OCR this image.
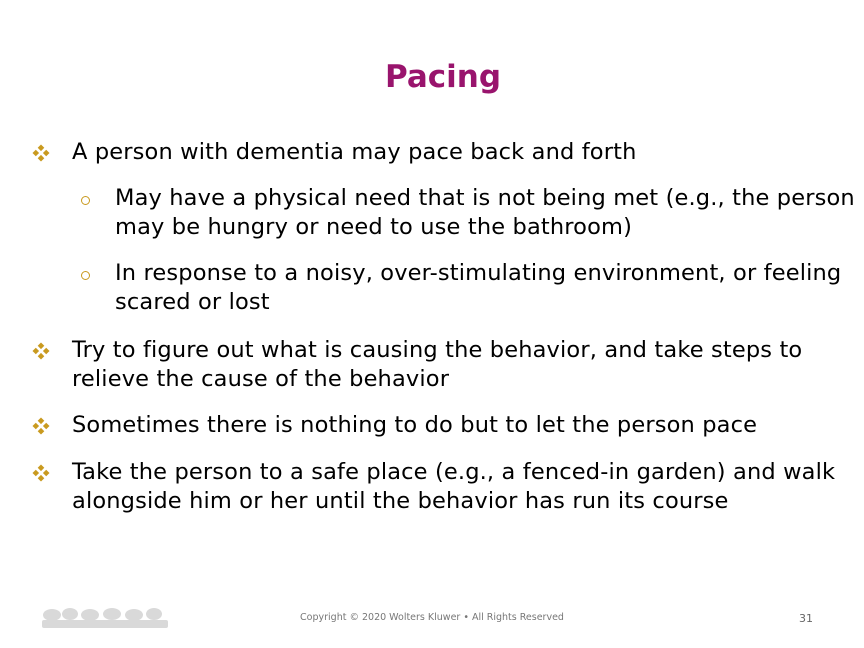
Pacing
A person with dementia may pace back and forth
May have a physical need that is not being met (e.g., the person may be hungry or need to use the bathroom)
In response to a noisy, over-stimulating environment, or feeling scared or lost
Try to figure out what is causing the behavior, and take steps to relieve the cause of the behavior
Sometimes there is nothing to do but to let the person pace
Take the person to a safe place (e.g., a fenced-in garden) and walk alongside him or her until the behavior has run its course
Copyright © 2020 Wolters Kluwer • All Rights Reserved	31
